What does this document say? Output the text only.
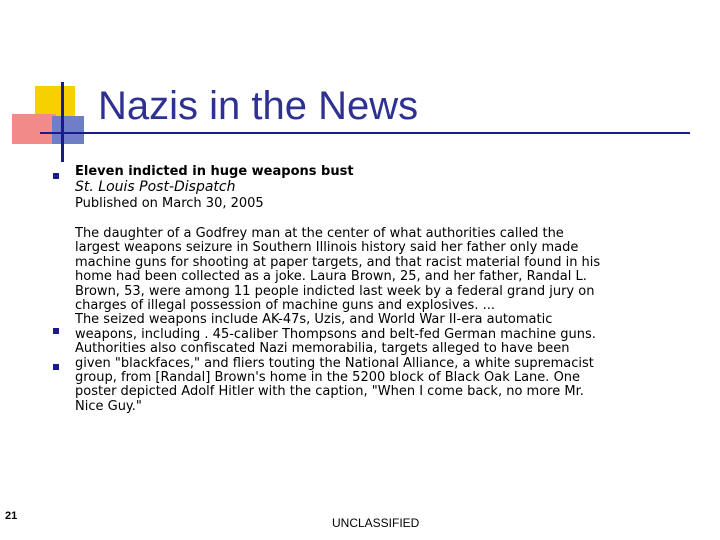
Nazis in the News
Eleven indicted in huge weapons bust
St. Louis Post-Dispatch
Published on March 30, 2005
The daughter of a Godfrey man at the center of what authorities called the
largest weapons seizure in Southern Illinois history said her father only made
machine guns for shooting at paper targets, and that racist material found in his
home had been collected as a joke. Laura Brown, 25, and her father, Randal L.
Brown, 53, were among 11 people indicted last week by a federal grand jury on
charges of illegal possession of machine guns and explosives. ...
The seized weapons include AK-47s, Uzis, and World War II-era automatic
weapons, including . 45-caliber Thompsons and belt-fed German machine guns.
Authorities also confiscated Nazi memorabilia, targets alleged to have been
given "blackfaces," and fliers touting the National Alliance, a white supremacist
group, from [Randal] Brown's home in the 5200 block of Black Oak Lane. One
poster depicted Adolf Hitler with the caption, "When I come back, no more Mr.
Nice Guy."
21	UNCLASSIFIED
